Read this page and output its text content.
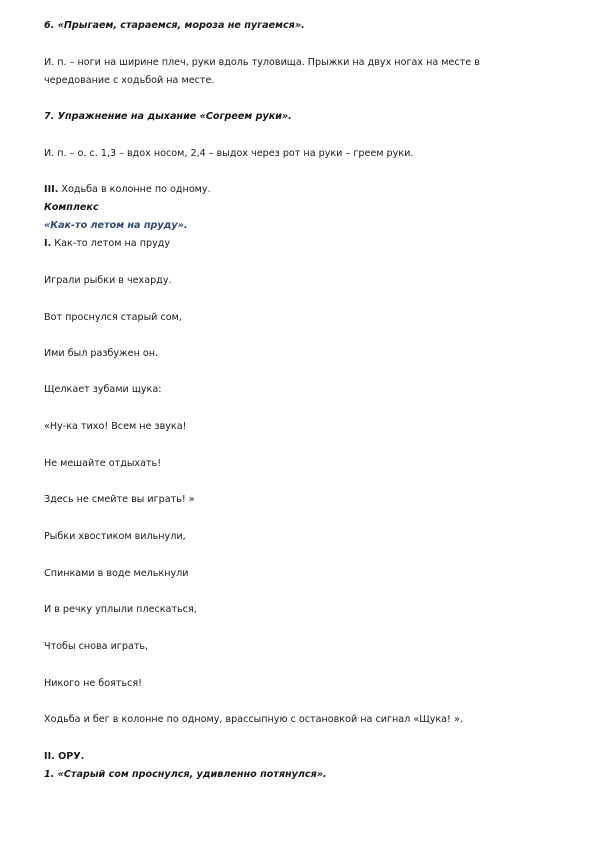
6. «Прыгаем, стараемся, мороза не пугаемся».

И. п. – ноги на ширине плеч, руки вдоль туловища. Прыжки на двух ногах на месте в

чередование с ходьбой на месте.

7. Упражнение на дыхание «Согреем руки».

И. п. – о. с. 1,3 – вдох носом, 2,4 – выдох через рот на руки – греем руки.

III. Ходьба в колонне по одному.

Комплекс

«Как-то летом на пруду».

I. Как-то летом на пруду

Играли рыбки в чехарду.

Вот проснулся старый сом,

Ими был разбужен он.

Щелкает зубами щука:

«Ну-ка тихо! Всем не звука!

Не мешайте отдыхать!

Здесь не смейте вы играть! »

Рыбки хвостиком вильнули,

Спинками в воде мелькнули

И в речку уплыли плескаться,

Чтобы снова играть,

Никого не бояться!

Ходьба и бег в колонне по одному, врассыпную с остановкой на сигнал «Щука! ».

II. ОРУ.

1. «Старый сом проснулся, удивленно потянулся».
